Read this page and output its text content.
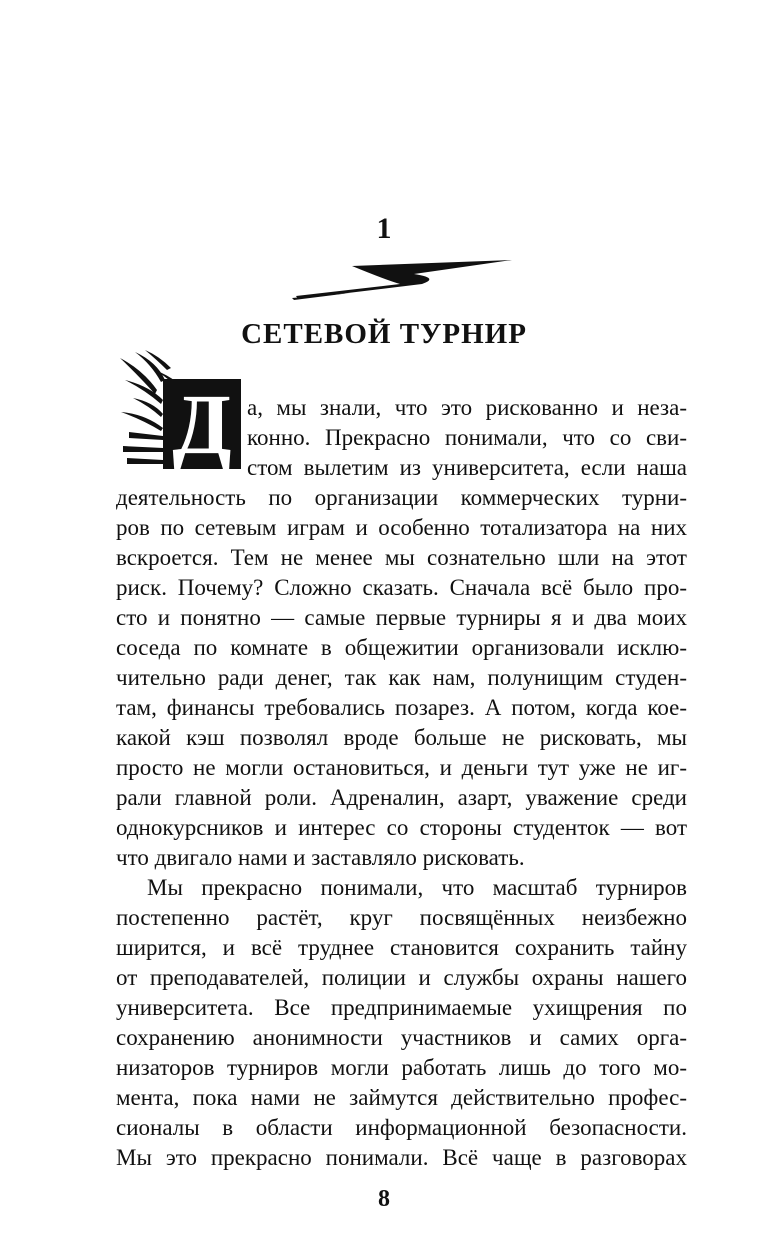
1
СЕТЕВОЙ ТУРНИР
Д а, мы знали, что это рискованно и неза-
конно. Прекрасно понимали, что со сви-
стом вылетим из университета, если наша
деятельность по организации коммерческих турни-
ров по сетевым играм и особенно тотализатора на них
вскроется. Тем не менее мы сознательно шли на этот
риск. Почему? Сложно сказать. Сначала всё было про-
сто и понятно — самые первые турниры я и два моих
соседа по комнате в общежитии организовали исклю-
чительно ради денег, так как нам, полунищим студен-
там, финансы требовались позарез. А потом, когда кое-
какой кэш позволял вроде больше не рисковать, мы
просто не могли остановиться, и деньги тут уже не иг-
рали главной роли. Адреналин, азарт, уважение среди
однокурсников и интерес со стороны студенток — вот
что двигало нами и заставляло рисковать.
Мы прекрасно понимали, что масштаб турниров
постепенно растёт, круг посвящённых неизбежно
ширится, и всё труднее становится сохранить тайну
от преподавателей, полиции и службы охраны нашего
университета. Все предпринимаемые ухищрения по
сохранению анонимности участников и самих орга-
низаторов турниров могли работать лишь до того мо-
мента, пока нами не займутся действительно профес-
сионалы в области информационной безопасности.
Мы это прекрасно понимали. Всё чаще в разговорах
8
